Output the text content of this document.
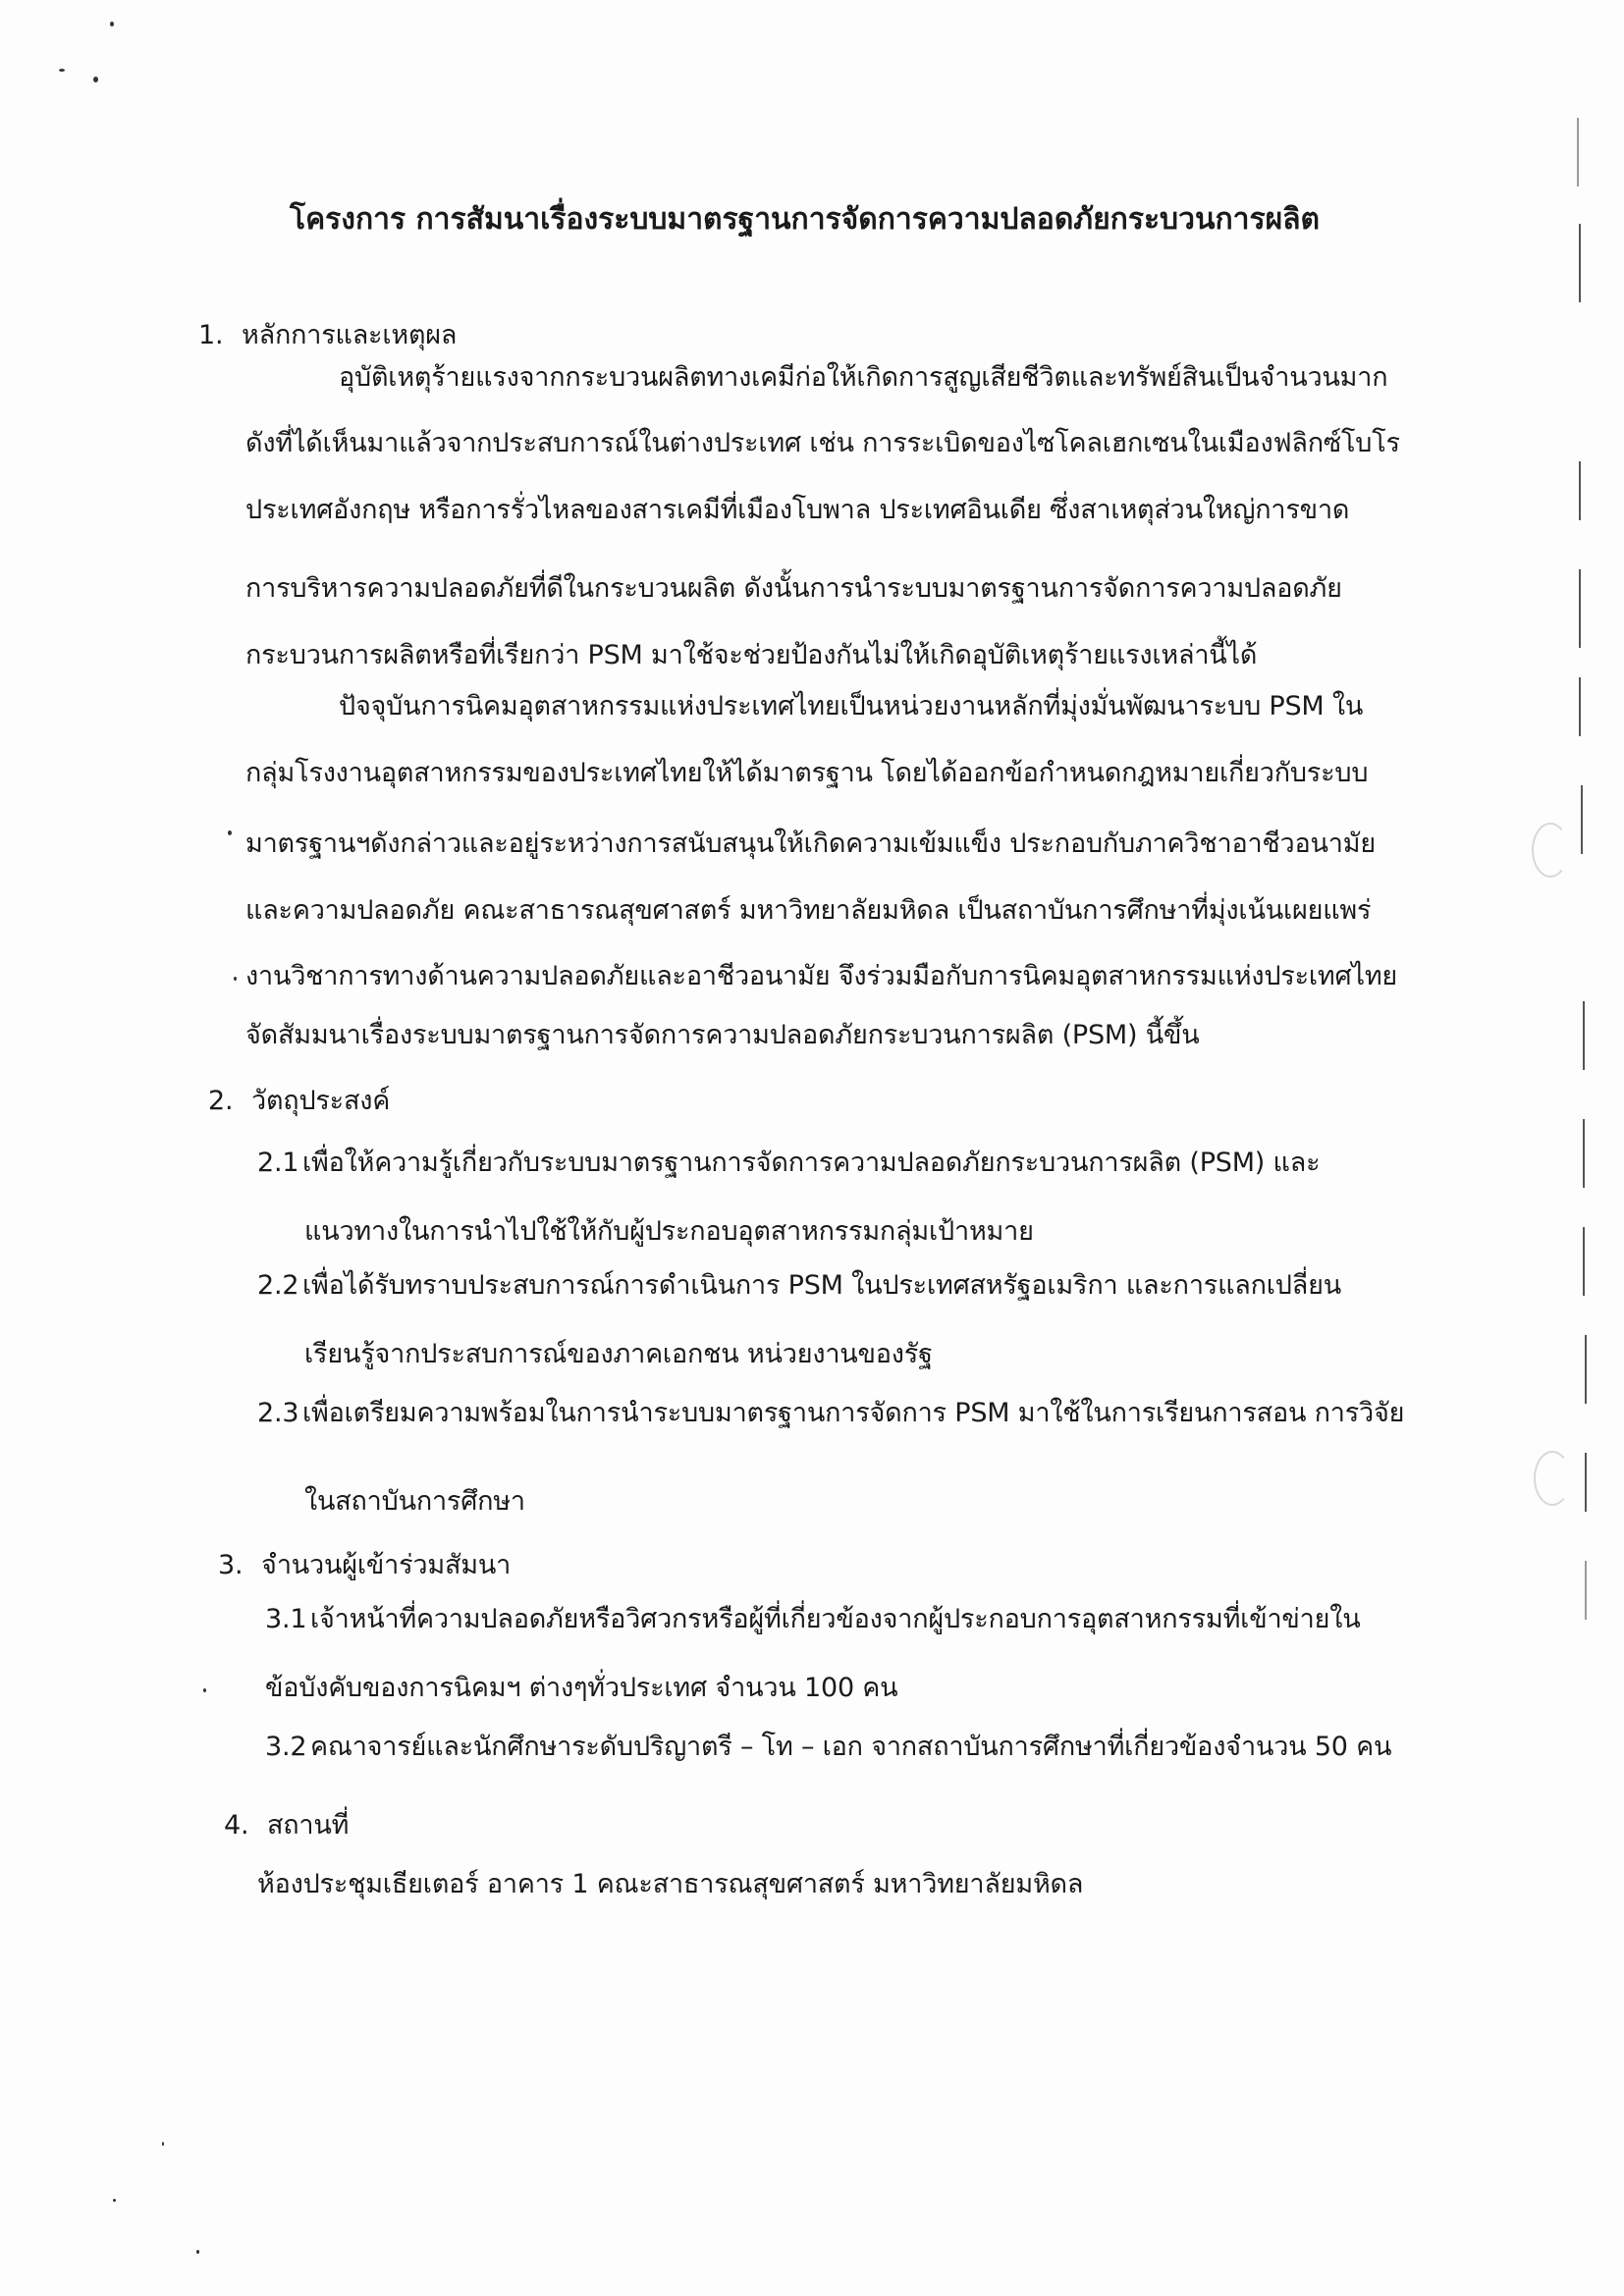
โครงการ การสัมนาเรื่องระบบมาตรฐานการจัดการความปลอดภัยกระบวนการผลิต
1. หลักการและเหตุผล
อุบัติเหตุร้ายแรงจากกระบวนผลิตทางเคมีก่อให้เกิดการสูญเสียชีวิตและทรัพย์สินเป็นจำนวนมาก
ดังที่ได้เห็นมาแล้วจากประสบการณ์ในต่างประเทศ เช่น การระเบิดของไซโคลเฮกเซนในเมืองฟลิกซ์โบโร
ประเทศอังกฤษ หรือการรั่วไหลของสารเคมีที่เมืองโบพาล ประเทศอินเดีย ซึ่งสาเหตุส่วนใหญ่การขาด
การบริหารความปลอดภัยที่ดีในกระบวนผลิต ดังนั้นการนำระบบมาตรฐานการจัดการความปลอดภัย
กระบวนการผลิตหรือที่เรียกว่า PSM มาใช้จะช่วยป้องกันไม่ให้เกิดอุบัติเหตุร้ายแรงเหล่านี้ได้
ปัจจุบันการนิคมอุตสาหกรรมแห่งประเทศไทยเป็นหน่วยงานหลักที่มุ่งมั่นพัฒนาระบบ PSM ใน
กลุ่มโรงงานอุตสาหกรรมของประเทศไทยให้ได้มาตรฐาน โดยได้ออกข้อกำหนดกฎหมายเกี่ยวกับระบบ
มาตรฐานฯดังกล่าวและอยู่ระหว่างการสนับสนุนให้เกิดความเข้มแข็ง ประกอบกับภาควิชาอาชีวอนามัย
และความปลอดภัย คณะสาธารณสุขศาสตร์ มหาวิทยาลัยมหิดล เป็นสถาบันการศึกษาที่มุ่งเน้นเผยแพร่
งานวิชาการทางด้านความปลอดภัยและอาชีวอนามัย จึงร่วมมือกับการนิคมอุตสาหกรรมแห่งประเทศไทย
จัดสัมมนาเรื่องระบบมาตรฐานการจัดการความปลอดภัยกระบวนการผลิต (PSM) นี้ขึ้น
2. วัตถุประสงค์
2.1 เพื่อให้ความรู้เกี่ยวกับระบบมาตรฐานการจัดการความปลอดภัยกระบวนการผลิต (PSM) และ
แนวทางในการนำไปใช้ให้กับผู้ประกอบอุตสาหกรรมกลุ่มเป้าหมาย
2.2 เพื่อได้รับทราบประสบการณ์การดำเนินการ PSM ในประเทศสหรัฐอเมริกา และการแลกเปลี่ยน
เรียนรู้จากประสบการณ์ของภาคเอกชน หน่วยงานของรัฐ
2.3 เพื่อเตรียมความพร้อมในการนำระบบมาตรฐานการจัดการ PSM มาใช้ในการเรียนการสอน การวิจัย
ในสถาบันการศึกษา
3. จำนวนผู้เข้าร่วมสัมนา
3.1 เจ้าหน้าที่ความปลอดภัยหรือวิศวกรหรือผู้ที่เกี่ยวข้องจากผู้ประกอบการอุตสาหกรรมที่เข้าข่ายใน
ข้อบังคับของการนิคมฯ ต่างๆทั่วประเทศ จำนวน 100 คน
3.2 คณาจารย์และนักศึกษาระดับปริญาตรี – โท – เอก จากสถาบันการศึกษาที่เกี่ยวข้องจำนวน 50 คน
4. สถานที่
ห้องประชุมเธียเตอร์ อาคาร 1 คณะสาธารณสุขศาสตร์ มหาวิทยาลัยมหิดล
